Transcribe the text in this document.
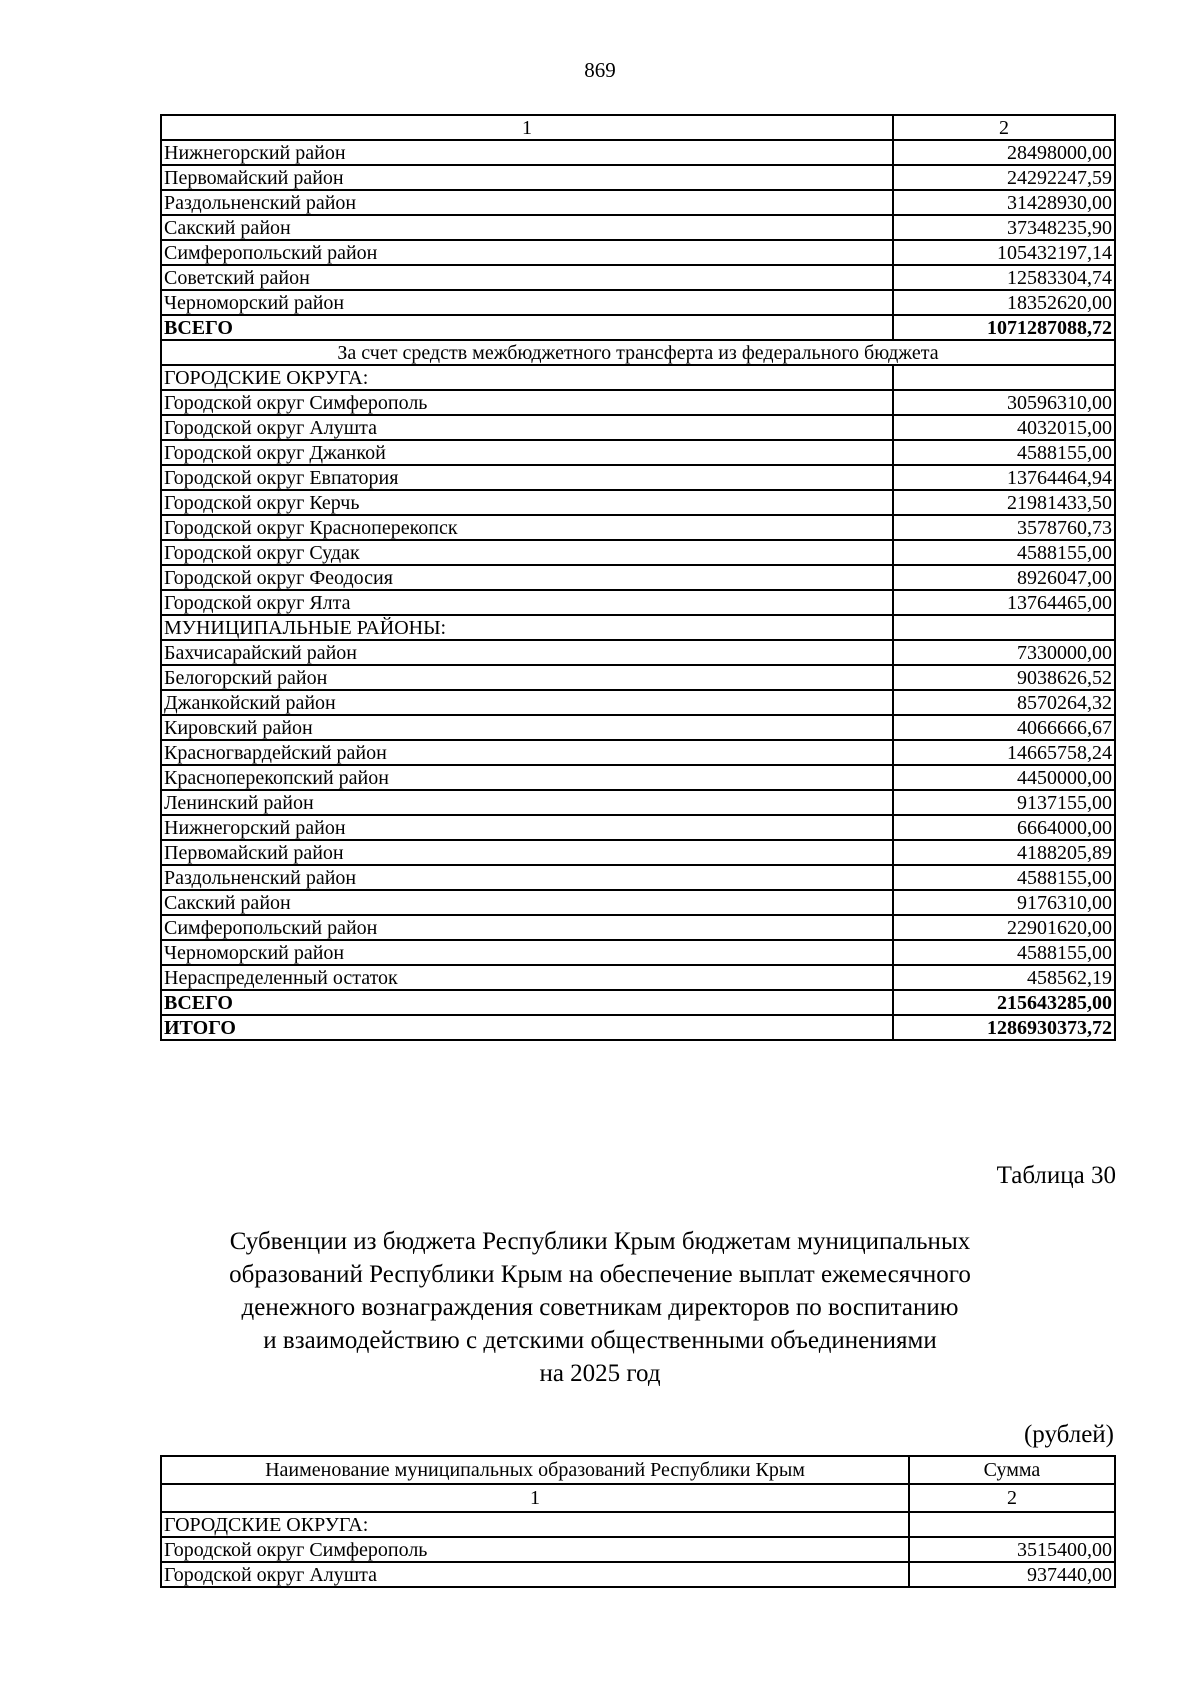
869
1	2
Нижнегорский район	28498000,00
Первомайский район	24292247,59
Раздольненский район	31428930,00
Сакский район	37348235,90
Симферопольский район	105432197,14
Советский район	12583304,74
Черноморский район	18352620,00
ВСЕГО	1071287088,72
За счет средств межбюджетного трансферта из федерального бюджета	
ГОРОДСКИЕ ОКРУГА:	
Городской округ Симферополь	30596310,00
Городской округ Алушта	4032015,00
Городской округ Джанкой	4588155,00
Городской округ Евпатория	13764464,94
Городской округ Керчь	21981433,50
Городской округ Красноперекопск	3578760,73
Городской округ Судак	4588155,00
Городской округ Феодосия	8926047,00
Городской округ Ялта	13764465,00
МУНИЦИПАЛЬНЫЕ РАЙОНЫ:	
Бахчисарайский район	7330000,00
Белогорский район	9038626,52
Джанкойский район	8570264,32
Кировский район	4066666,67
Красногвардейский район	14665758,24
Красноперекопский район	4450000,00
Ленинский район	9137155,00
Нижнегорский район	6664000,00
Первомайский район	4188205,89
Раздольненский район	4588155,00
Сакский район	9176310,00
Симферопольский район	22901620,00
Черноморский район	4588155,00
Нераспределенный остаток	458562,19
ВСЕГО	215643285,00
ИТОГО	1286930373,72
Таблица 30
Субвенции из бюджета Республики Крым бюджетам муниципальных
образований Республики Крым на обеспечение выплат ежемесячного
денежного вознаграждения советникам директоров по воспитанию
и взаимодействию с детскими общественными объединениями
на 2025 год
(рублей)
Наименование муниципальных образований Республики Крым	Сумма
1	2
ГОРОДСКИЕ ОКРУГА:	
Городской округ Симферополь	3515400,00
Городской округ Алушта	937440,00
